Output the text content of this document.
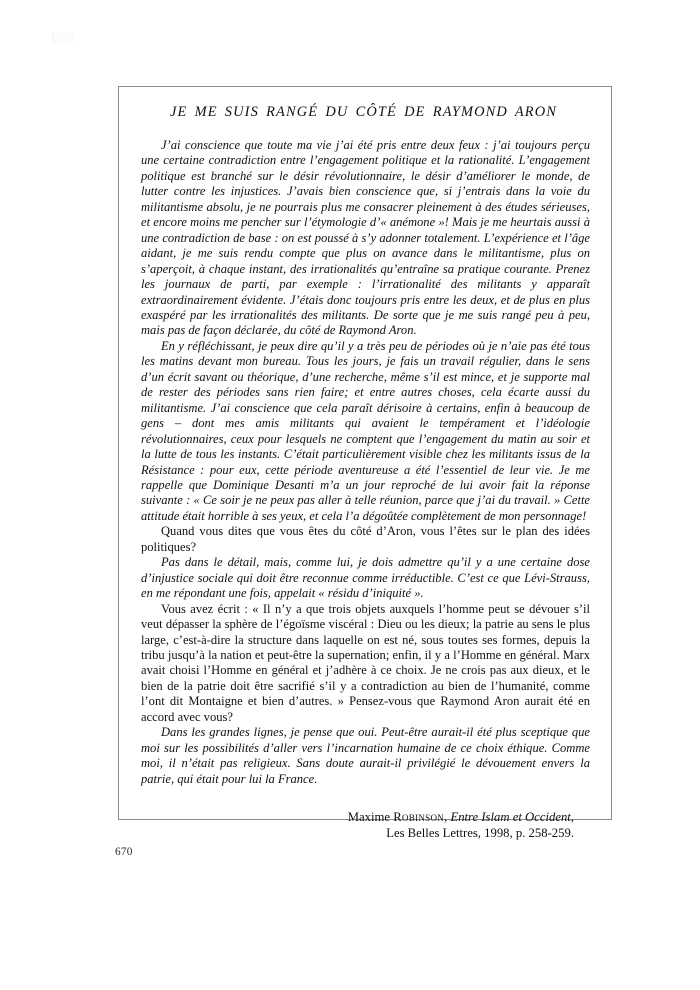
JE ME SUIS RANGÉ DU CÔTÉ DE RAYMOND ARON

J’ai conscience que toute ma vie j’ai été pris entre deux feux : j’ai toujours perçu une certaine contradiction entre l’engagement politique et la rationalité. L’engagement politique est branché sur le désir révolutionnaire, le désir d’améliorer le monde, de lutter contre les injustices. J’avais bien conscience que, si j’entrais dans la voie du militantisme absolu, je ne pourrais plus me consacrer pleinement à des études sérieuses, et encore moins me pencher sur l’étymologie d’« anémone »! Mais je me heurtais aussi à une contradiction de base : on est poussé à s’y adonner totalement. L’expérience et l’âge aidant, je me suis rendu compte que plus on avance dans le militantisme, plus on s’aperçoit, à chaque instant, des irrationalités qu’entraîne sa pratique courante. Prenez les journaux de parti, par exemple : l’irrationalité des militants y apparaît extraordinairement évidente. J’étais donc toujours pris entre les deux, et de plus en plus exaspéré par les irrationalités des militants. De sorte que je me suis rangé peu à peu, mais pas de façon déclarée, du côté de Raymond Aron.

En y réfléchissant, je peux dire qu’il y a très peu de périodes où je n’aie pas été tous les matins devant mon bureau. Tous les jours, je fais un travail régulier, dans le sens d’un écrit savant ou théorique, d’une recherche, même s’il est mince, et je supporte mal de rester des périodes sans rien faire; et entre autres choses, cela écarte aussi du militantisme. J’ai conscience que cela paraît dérisoire à certains, enfin à beaucoup de gens – dont mes amis militants qui avaient le tempérament et l’idéologie révolutionnaires, ceux pour lesquels ne comptent que l’engagement du matin au soir et la lutte de tous les instants. C’était particulièrement visible chez les militants issus de la Résistance : pour eux, cette période aventureuse a été l’essentiel de leur vie. Je me rappelle que Dominique Desanti m’a un jour reproché de lui avoir fait la réponse suivante : « Ce soir je ne peux pas aller à telle réunion, parce que j’ai du travail. » Cette attitude était horrible à ses yeux, et cela l’a dégoûtée complètement de mon personnage!

Quand vous dites que vous êtes du côté d’Aron, vous l’êtes sur le plan des idées politiques?

Pas dans le détail, mais, comme lui, je dois admettre qu’il y a une certaine dose d’injustice sociale qui doit être reconnue comme irréductible. C’est ce que Lévi-Strauss, en me répondant une fois, appelait « résidu d’iniquité ».

Vous avez écrit : « Il n’y a que trois objets auxquels l’homme peut se dévouer s’il veut dépasser la sphère de l’égoïsme viscéral : Dieu ou les dieux; la patrie au sens le plus large, c’est-à-dire la structure dans laquelle on est né, sous toutes ses formes, depuis la tribu jusqu’à la nation et peut-être la supernation; enfin, il y a l’Homme en général. Marx avait choisi l’Homme en général et j’adhère à ce choix. Je ne crois pas aux dieux, et le bien de la patrie doit être sacrifié s’il y a contradiction au bien de l’humanité, comme l’ont dit Montaigne et bien d’autres. » Pensez-vous que Raymond Aron aurait été en accord avec vous?

Dans les grandes lignes, je pense que oui. Peut-être aurait-il été plus sceptique que moi sur les possibilités d’aller vers l’incarnation humaine de ce choix éthique. Comme moi, il n’était pas religieux. Sans doute aurait-il privilégié le dévouement envers la patrie, qui était pour lui la France.

Maxime Robinson, Entre Islam et Occident,
Les Belles Lettres, 1998, p. 258-259.
670
